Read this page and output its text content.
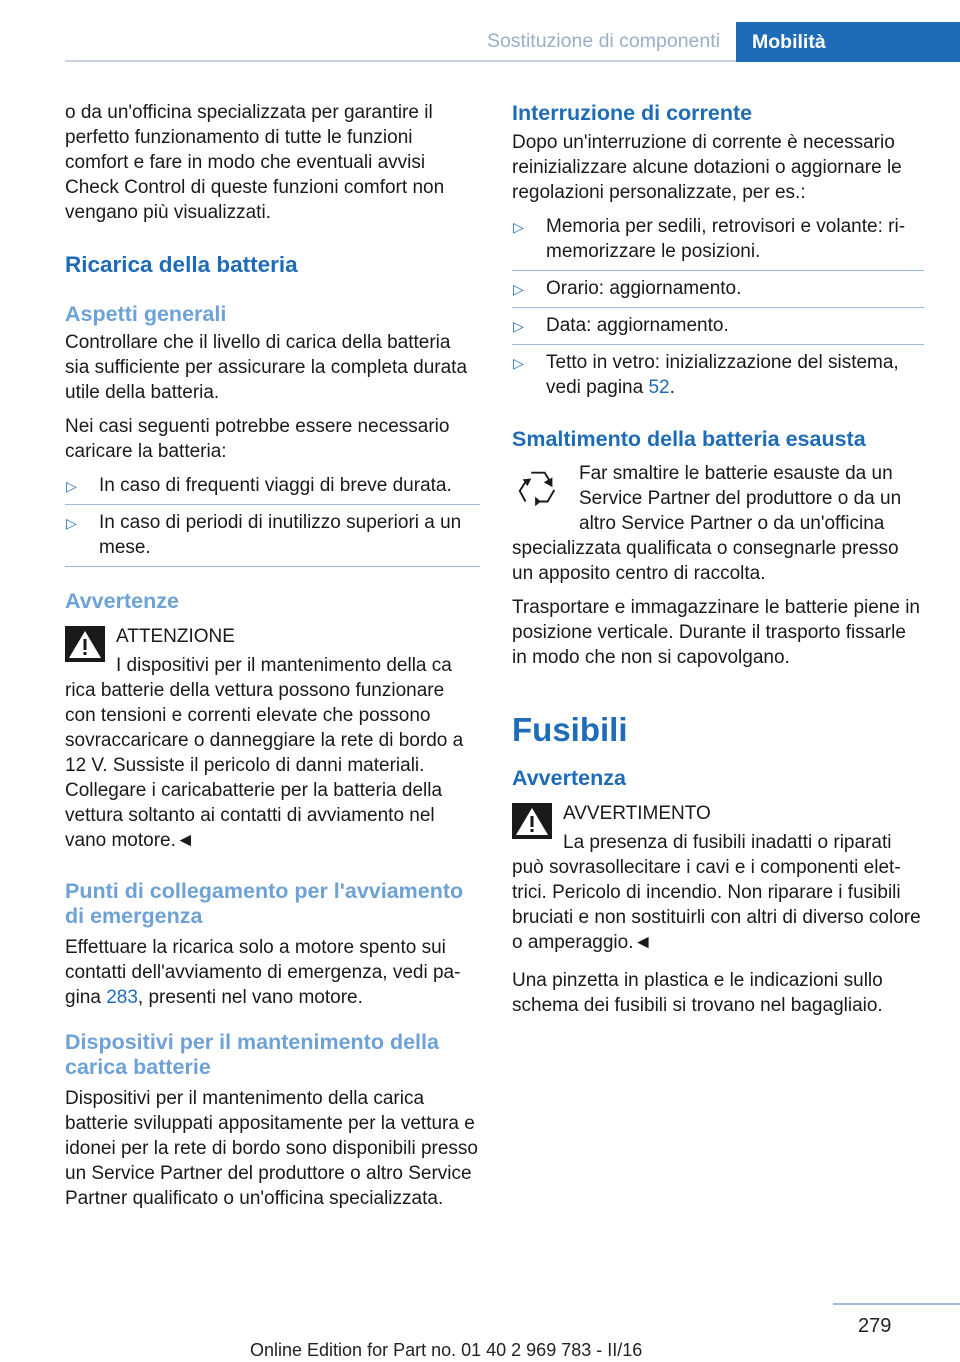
Sostituzione di componenti Mobilità

o da un'officina specializzata per garantire il perfetto funzionamento di tutte le funzioni comfort e fare in modo che eventuali avvisi Check Control di queste funzioni comfort non vengano più visualizzati.

Ricarica della batteria
Aspetti generali

Controllare che il livello di carica della batteria sia sufficiente per assicurare la completa durata utile della batteria.

Nei casi seguenti potrebbe essere necessario caricare la batteria:

▷ In caso di frequenti viaggi di breve durata.
▷ In caso di periodi di inutilizzo superiori a un mese.
Avvertenze
ATTENZIONE
I dispositivi per il mantenimento della ca
rica batterie della vettura possono funzionare con tensioni e correnti elevate che possono sovraccaricare o danneggiare la rete di bordo a 12 V. Sussiste il pericolo di danni materiali. Collegare i caricabatterie per la batteria della vettura soltanto ai contatti di avviamento nel vano motore.◄
Punti di collegamento per l'avviamento di emergenza

Effettuare la ricarica solo a motore spento sui contatti dell'avviamento di emergenza, vedi pagina 283, presenti nel vano motore.

Dispositivi per il mantenimento della carica batterie

Dispositivi per il mantenimento della carica batterie sviluppati appositamente per la vettura e idonei per la rete di bordo sono disponibili presso un Service Partner del produttore o altro Service Partner qualificato o un'officina specializzata.

Interruzione di corrente

Dopo un'interruzione di corrente è necessario reinizializzare alcune dotazioni o aggiornare le regolazioni personalizzate, per es.:

▷ Memoria per sedili, retrovisori e volante: rimemorizzare le posizioni.
▷ Orario: aggiornamento.
▷ Data: aggiornamento.
▷ Tetto in vetro: inizializzazione del sistema, vedi pagina 52.
Smaltimento della batteria esausta
Far smaltire le batterie esauste da un
Service Partner del produttore o da un
altro Service Partner o da un'officina
specializzata qualificata o consegnarle presso un apposito centro di raccolta.

Trasportare e immagazzinare le batterie piene in posizione verticale. Durante il trasporto fissarle in modo che non si capovolgano.

Fusibili
Avvertenza
AVVERTIMENTO
La presenza di fusibili inadatti o riparati
può sovrasollecitare i cavi e i componenti elettrici. Pericolo di incendio. Non riparare i fusibili bruciati e non sostituirli con altri di diverso colore o amperaggio.◄

Una pinzetta in plastica e le indicazioni sullo schema dei fusibili si trovano nel bagagliaio.

279
Online Edition for Part no. 01 40 2 969 783 - II/16
